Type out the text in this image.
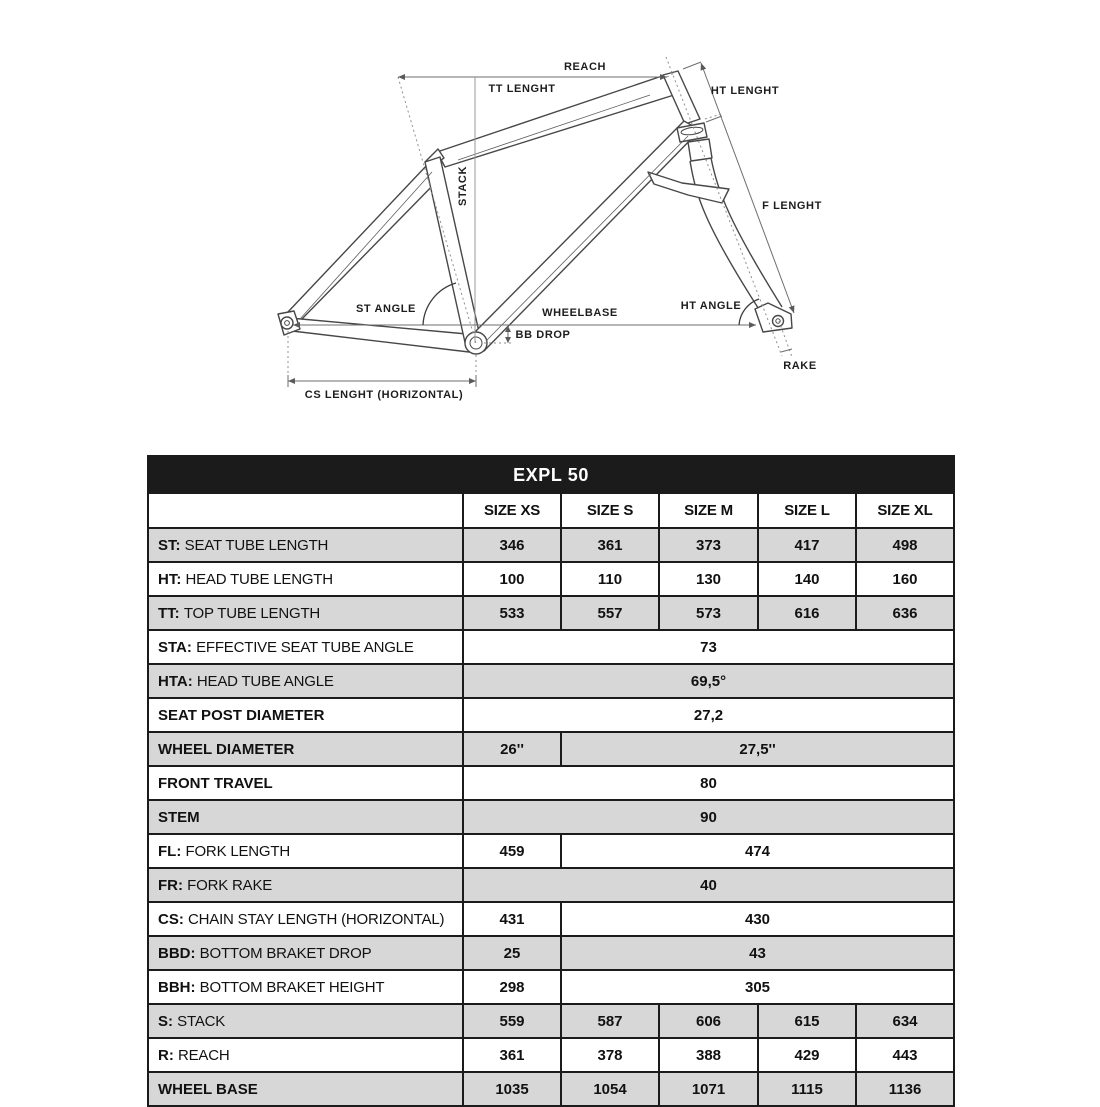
REACH
TT LENGHT	HT LENGHT
STACK	F LENGHT
ST ANGLE	WHEELBASE
BB DROP
HT ANGLE
RAKE
CS LENGHT (HORIZONTAL)
EXPL 50					
	SIZE XS	SIZE S	SIZE M	SIZE L	SIZE XL
ST: SEAT TUBE LENGTH	346	361	373	417	498
HT: HEAD TUBE LENGTH	100	110	130	140	160
TT: TOP TUBE LENGTH	533	557	573	616	636
STA: EFFECTIVE SEAT TUBE ANGLE	73				
HTA: HEAD TUBE ANGLE	69,5°				
SEAT POST DIAMETER	27,2				
WHEEL DIAMETER	26''	27,5''			
FRONT TRAVEL	80				
STEM	90				
FL: FORK LENGTH	459	474			
FR: FORK RAKE	40				
CS: CHAIN STAY LENGTH (HORIZONTAL)	431	430			
BBD: BOTTOM BRAKET DROP	25	43			
BBH: BOTTOM BRAKET HEIGHT	298	305			
S: STACK	559	587	606	615	634
R: REACH	361	378	388	429	443
WHEEL BASE	1035	1054	1071	1115	1136
